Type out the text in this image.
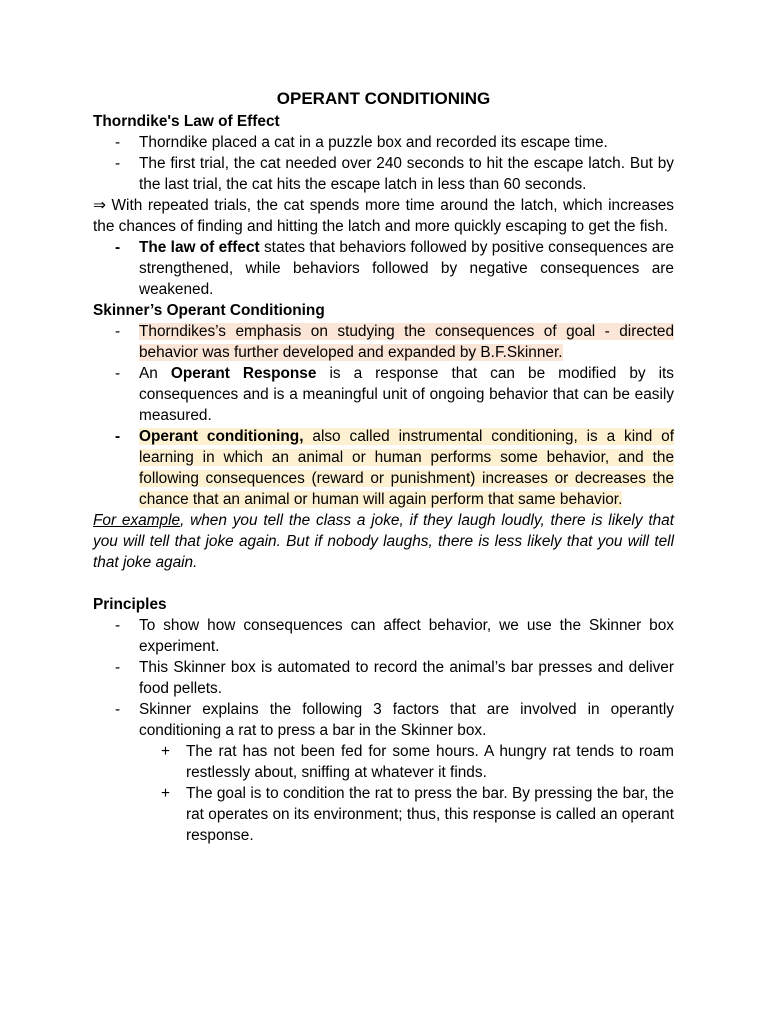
OPERANT CONDITIONING

Thorndike's Law of Effect

- Thorndike placed a cat in a puzzle box and recorded its escape time.

- The first trial, the cat needed over 240 seconds to hit the escape latch. But by the last trial, the cat hits the escape latch in less than 60 seconds.

⇒ With repeated trials, the cat spends more time around the latch, which increases the chances of finding and hitting the latch and more quickly escaping to get the fish.

- The law of effect states that behaviors followed by positive consequences are strengthened, while behaviors followed by negative consequences are weakened.

Skinner’s Operant Conditioning

- Thorndikes’s emphasis on studying the consequences of goal - directed behavior was further developed and expanded by B.F.Skinner.

- An Operant Response is a response that can be modified by its consequences and is a meaningful unit of ongoing behavior that can be easily measured.

- Operant conditioning, also called instrumental conditioning, is a kind of learning in which an animal or human performs some behavior, and the following consequences (reward or punishment) increases or decreases the chance that an animal or human will again perform that same behavior.

For example, when you tell the class a joke, if they laugh loudly, there is likely that you will tell that joke again. But if nobody laughs, there is less likely that you will tell that joke again.

Principles

- To show how consequences can affect behavior, we use the Skinner box experiment.

- This Skinner box is automated to record the animal’s bar presses and deliver food pellets.

- Skinner explains the following 3 factors that are involved in operantly conditioning a rat to press a bar in the Skinner box.

+ The rat has not been fed for some hours. A hungry rat tends to roam restlessly about, sniffing at whatever it finds.

+ The goal is to condition the rat to press the bar. By pressing the bar, the rat operates on its environment; thus, this response is called an operant response.
